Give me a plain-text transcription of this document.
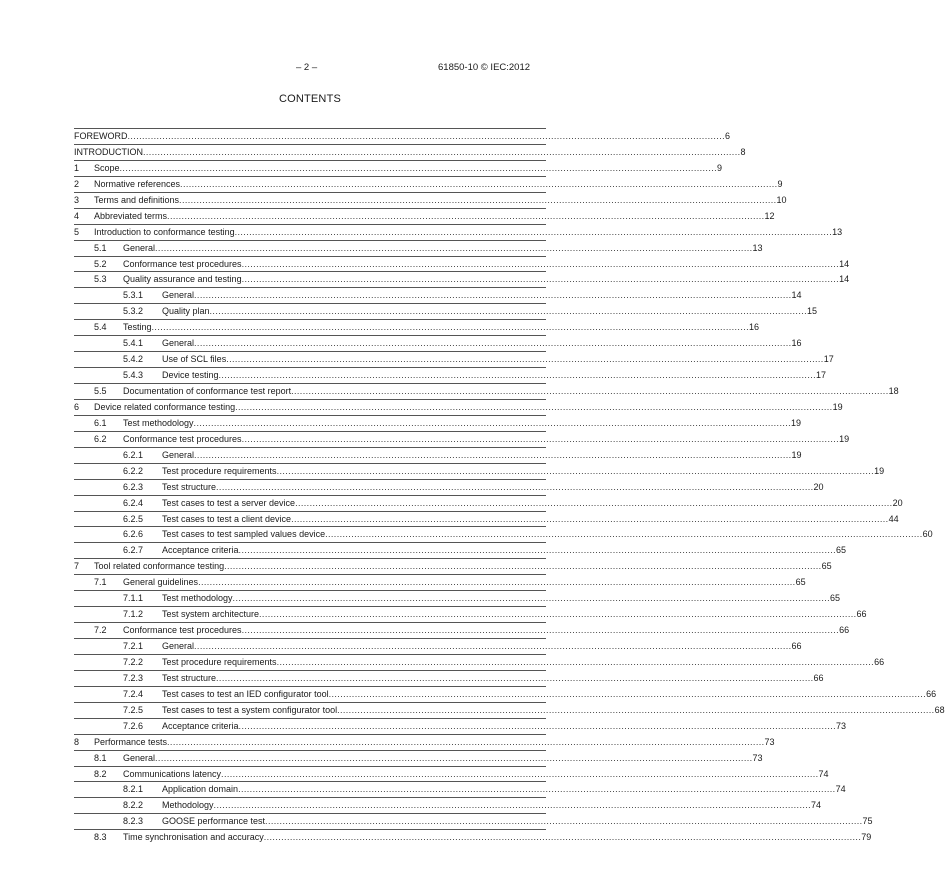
– 2 –	61850-10 © IEC:2012
CONTENTS
FOREWORD .............................................................................................................................................................................................................. 6
INTRODUCTION .............................................................................................................................................................................................................. 8
1 Scope .............................................................................................................................................................................................................. 9
2 Normative references .............................................................................................................................................................................................................. 9
3 Terms and definitions .............................................................................................................................................................................................................. 10
4 Abbreviated terms .............................................................................................................................................................................................................. 12
5 Introduction to conformance testing .............................................................................................................................................................................................................. 13
5.1 General .............................................................................................................................................................................................................. 13
5.2 Conformance test procedures .............................................................................................................................................................................................................. 14
5.3 Quality assurance and testing .............................................................................................................................................................................................................. 14
5.3.1 General .............................................................................................................................................................................................................. 14
5.3.2 Quality plan .............................................................................................................................................................................................................. 15
5.4 Testing .............................................................................................................................................................................................................. 16
5.4.1 General .............................................................................................................................................................................................................. 16
5.4.2 Use of SCL files .............................................................................................................................................................................................................. 17
5.4.3 Device testing .............................................................................................................................................................................................................. 17
5.5 Documentation of conformance test report .............................................................................................................................................................................................................. 18
6 Device related conformance testing .............................................................................................................................................................................................................. 19
6.1 Test methodology .............................................................................................................................................................................................................. 19
6.2 Conformance test procedures .............................................................................................................................................................................................................. 19
6.2.1 General .............................................................................................................................................................................................................. 19
6.2.2 Test procedure requirements .............................................................................................................................................................................................................. 19
6.2.3 Test structure .............................................................................................................................................................................................................. 20
6.2.4 Test cases to test a server device .............................................................................................................................................................................................................. 20
6.2.5 Test cases to test a client device .............................................................................................................................................................................................................. 44
6.2.6 Test cases to test sampled values device .............................................................................................................................................................................................................. 60
6.2.7 Acceptance criteria .............................................................................................................................................................................................................. 65
7 Tool related conformance testing .............................................................................................................................................................................................................. 65
7.1 General guidelines .............................................................................................................................................................................................................. 65
7.1.1 Test methodology .............................................................................................................................................................................................................. 65
7.1.2 Test system architecture .............................................................................................................................................................................................................. 66
7.2 Conformance test procedures .............................................................................................................................................................................................................. 66
7.2.1 General .............................................................................................................................................................................................................. 66
7.2.2 Test procedure requirements .............................................................................................................................................................................................................. 66
7.2.3 Test structure .............................................................................................................................................................................................................. 66
7.2.4 Test cases to test an IED configurator tool .............................................................................................................................................................................................................. 66
7.2.5 Test cases to test a system configurator tool .............................................................................................................................................................................................................. 68
7.2.6 Acceptance criteria .............................................................................................................................................................................................................. 73
8 Performance tests .............................................................................................................................................................................................................. 73
8.1 General .............................................................................................................................................................................................................. 73
8.2 Communications latency .............................................................................................................................................................................................................. 74
8.2.1 Application domain .............................................................................................................................................................................................................. 74
8.2.2 Methodology .............................................................................................................................................................................................................. 74
8.2.3 GOOSE performance test .............................................................................................................................................................................................................. 75
8.3 Time synchronisation and accuracy .............................................................................................................................................................................................................. 79
